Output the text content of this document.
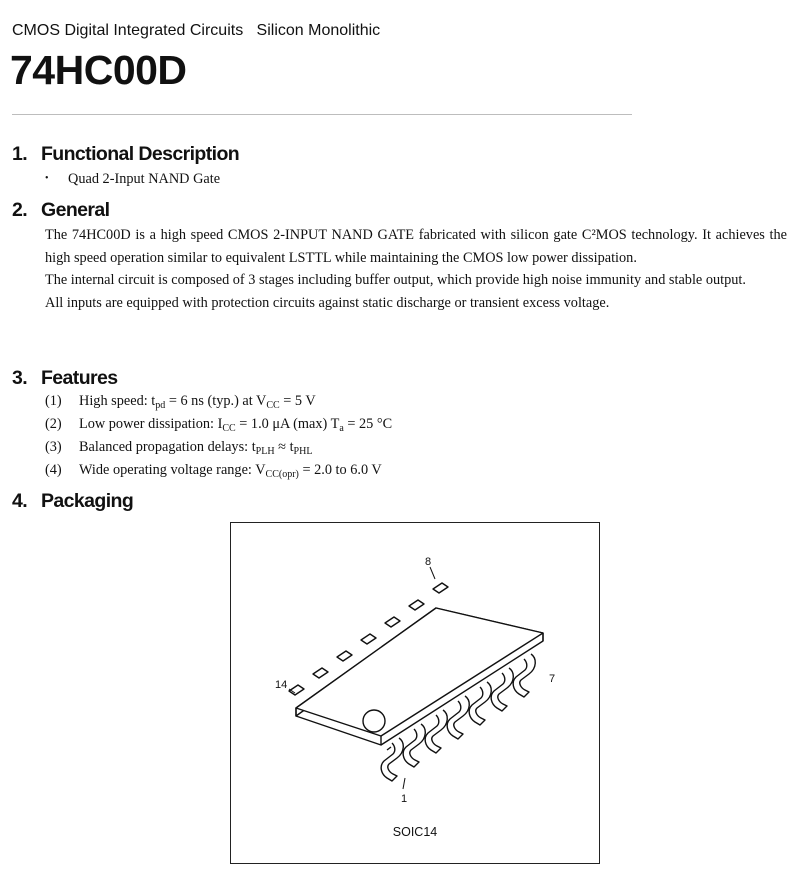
CMOS Digital Integrated Circuits Silicon Monolithic
74HC00D
1. Functional Description
• Quad 2-Input NAND Gate
2. General

The 74HC00D is a high speed CMOS 2-INPUT NAND GATE fabricated with silicon gate C²MOS technology. It achieves the high speed operation similar to equivalent LSTTL while maintaining the CMOS low power dissipation.

The internal circuit is composed of 3 stages including buffer output, which provide high noise immunity and stable output.

All inputs are equipped with protection circuits against static discharge or transient excess voltage.

3. Features
(1) High speed: $t_{pd} = 6$ ns (typ.) at $V_{CC} = 5$ V
(2) Low power dissipation: $I_{CC} = 1.0$ μA (max) $T_a = 25$ °C
(3) Balanced propagation delays: $t_{PLH} \approx t_{PHL}$
(4) Wide operating voltage range: $V_{CC(opr)} = 2.0$ to 6.0 V
4. Packaging
14
8
7
1
SOIC14
